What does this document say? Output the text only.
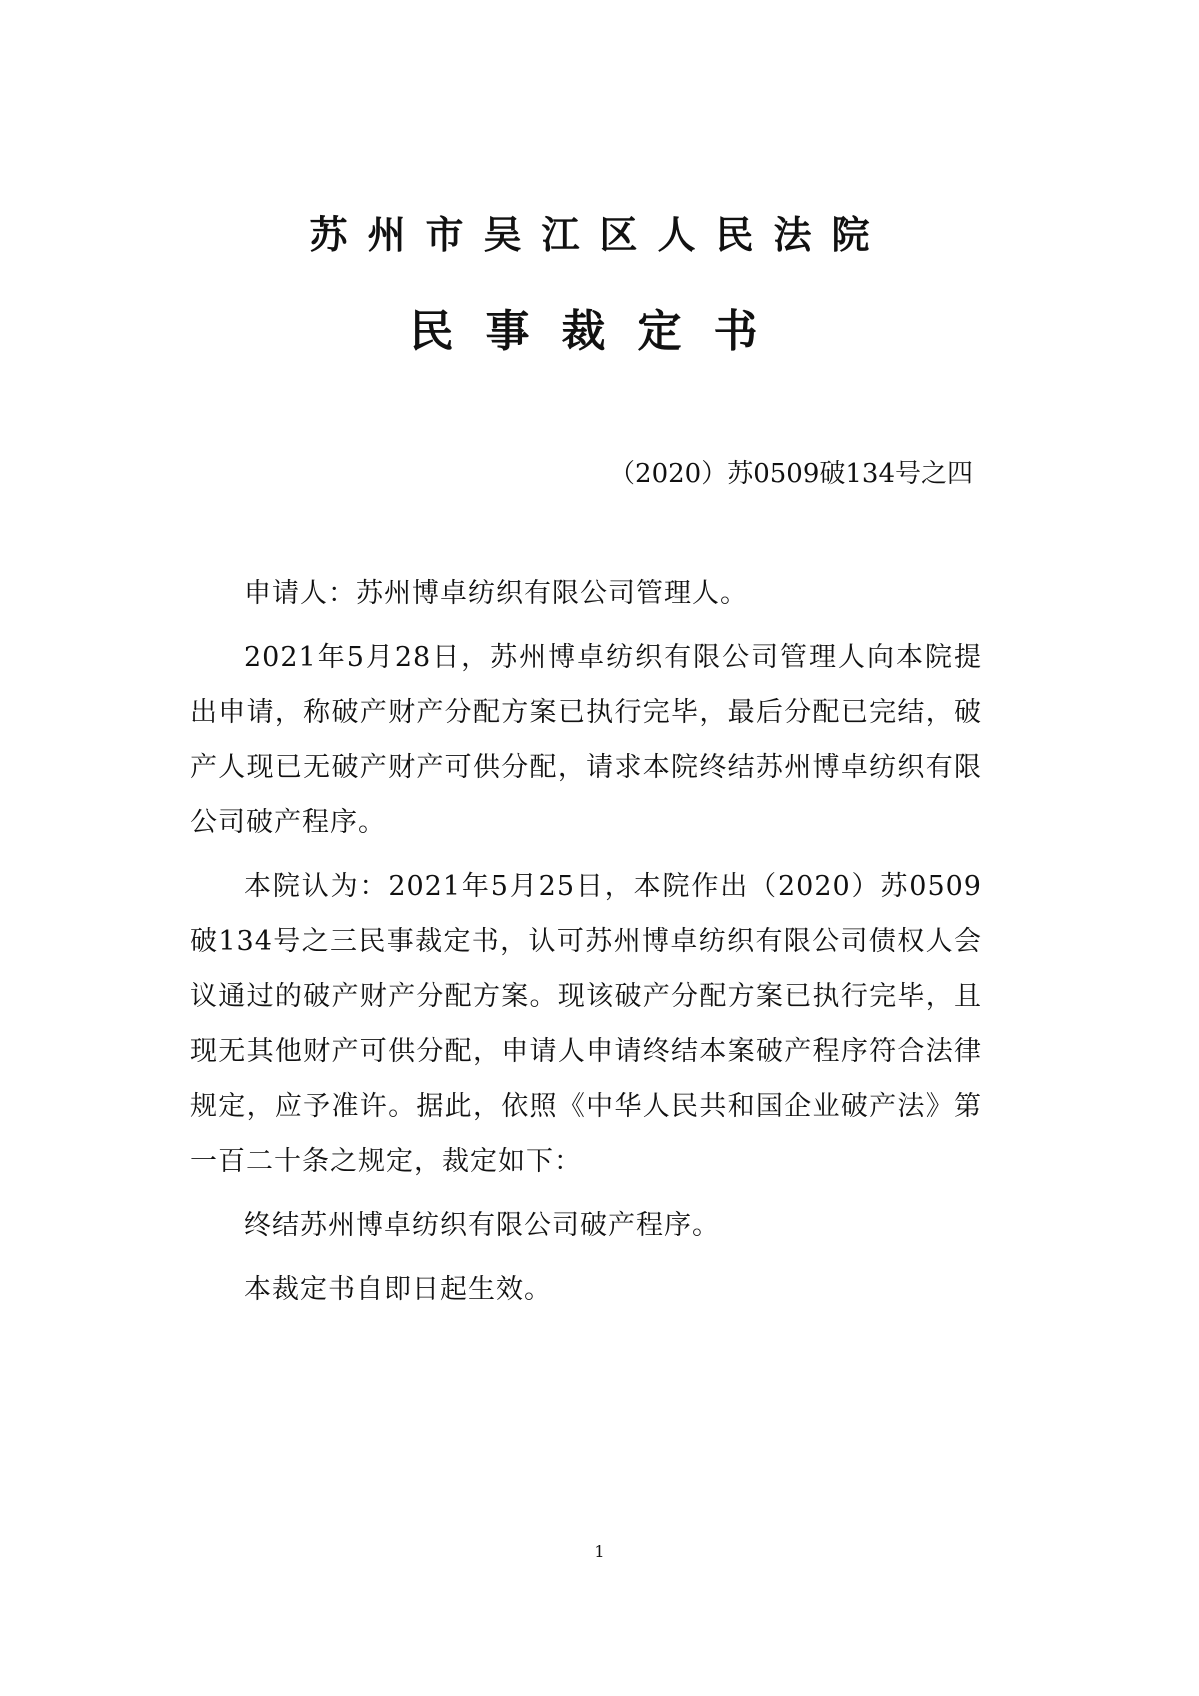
苏州市吴江区人民法院
民事裁定书
（2020）苏0509破134号之四

申请人：苏州博卓纺织有限公司管理人。

2021年5月28日，苏州博卓纺织有限公司管理人向本院提出申请，称破产财产分配方案已执行完毕，最后分配已完结，破产人现已无破产财产可供分配，请求本院终结苏州博卓纺织有限公司破产程序。

本院认为：2021年5月25日，本院作出（2020）苏0509破134号之三民事裁定书，认可苏州博卓纺织有限公司债权人会议通过的破产财产分配方案。现该破产分配方案已执行完毕，且现无其他财产可供分配，申请人申请终结本案破产程序符合法律规定，应予准许。据此，依照《中华人民共和国企业破产法》第一百二十条之规定，裁定如下：

终结苏州博卓纺织有限公司破产程序。

本裁定书自即日起生效。

1
